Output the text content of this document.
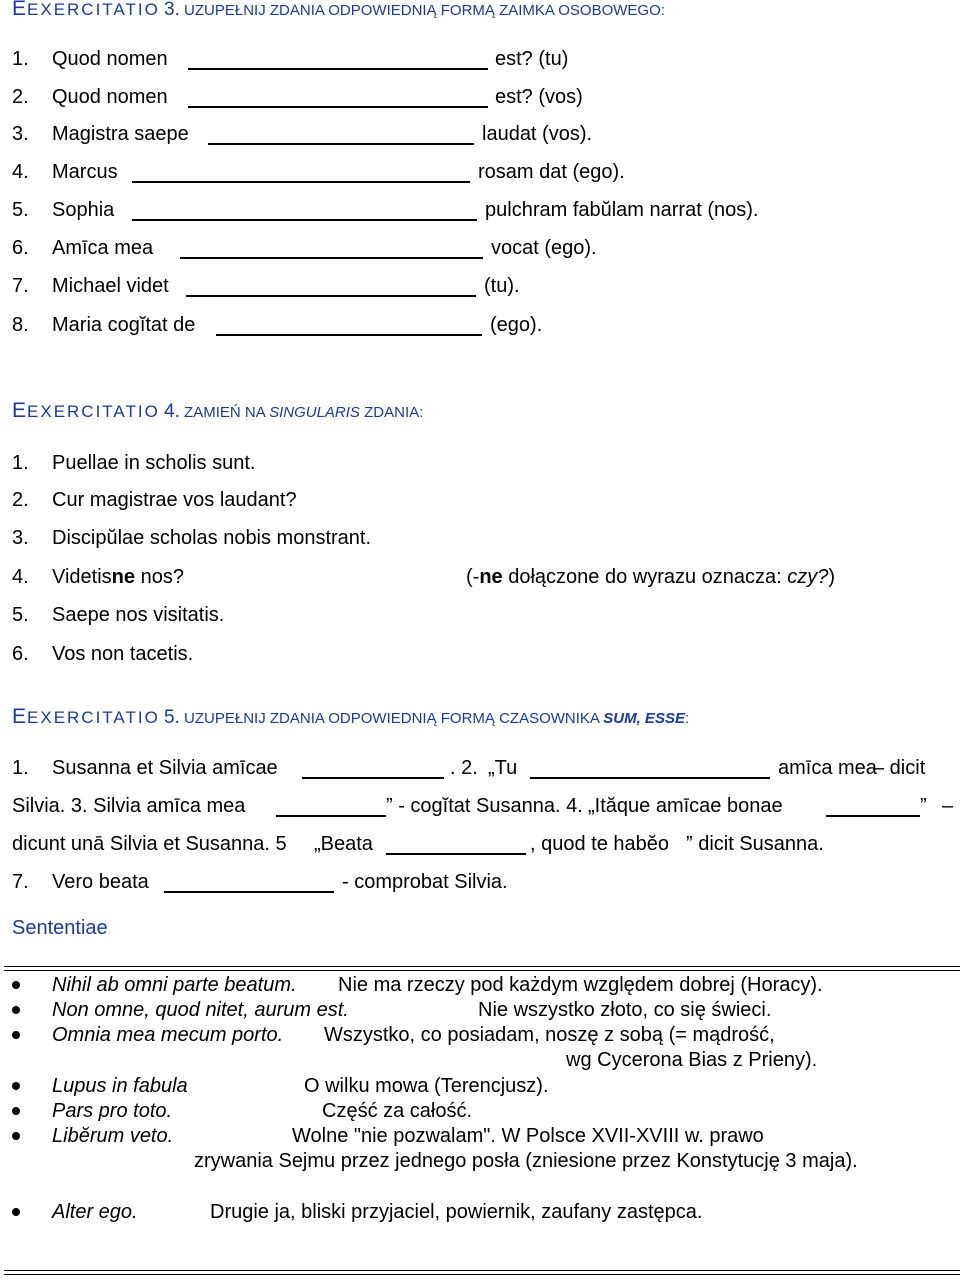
EEXERCITATIO 3. UZUPEŁNIJ ZDANIA ODPOWIEDNIĄ FORMĄ ZAIMKA OSOBOWEGO:
1. Quod nomen	est? (tu)
2. Quod nomen	est? (vos)
3. Magistra saepe	laudat (vos).
4. Marcus	rosam dat (ego).
5. Sophia	pulchram fabŭlam narrat (nos).
6. Amīca mea	vocat (ego).
7. Michael videt	(tu).
8. Maria cogĭtat de	(ego).
EEXERCITATIO 4. ZAMIEŃ NA SINGULARIS ZDANIA:
1. Puellae in scholis sunt.
2. Cur magistrae vos laudant?
3. Discipŭlae scholas nobis monstrant.
4. Videtisne nos?	(-ne dołączone do wyrazu oznacza: czy?)
5. Saepe nos visitatis.
6. Vos non tacetis.
EEXERCITATIO 5. UZUPEŁNIJ ZDANIA ODPOWIEDNIĄ FORMĄ CZASOWNIKA SUM, ESSE:
1. Susanna et Silvia amīcae	. 2. „Tu	amīca mea
– dicit
Silvia. 3. Silvia amīca mea	” - cogĭtat Susanna. 4. „Ităque amīcae bonae	” –
dicunt unā Silvia et Susanna. 5 „Beata	, quod te habĕo ” dicit Susanna.
7. Vero beata	- comprobat Silvia.
Sententiae
Nihil ab omni parte beatum. Nie ma rzeczy pod każdym względem dobrej (Horacy).
Non omne, quod nitet, aurum est.	Nie wszystko złoto, co się świeci.
Omnia mea mecum porto. Wszystko, co posiadam, noszę z sobą (= mądrość,
wg Cycerona Bias z Prieny).
Lupus in fabula	O wilku mowa (Terencjusz).
Pars pro toto.	Część za całość.
Libĕrum veto.	Wolne "nie pozwalam". W Polsce XVII-XVIII w. prawo
zrywania Sejmu przez jednego posła (zniesione przez Konstytucję 3 maja).
Alter ego.	Drugie ja, bliski przyjaciel, powiernik, zaufany zastępca.
